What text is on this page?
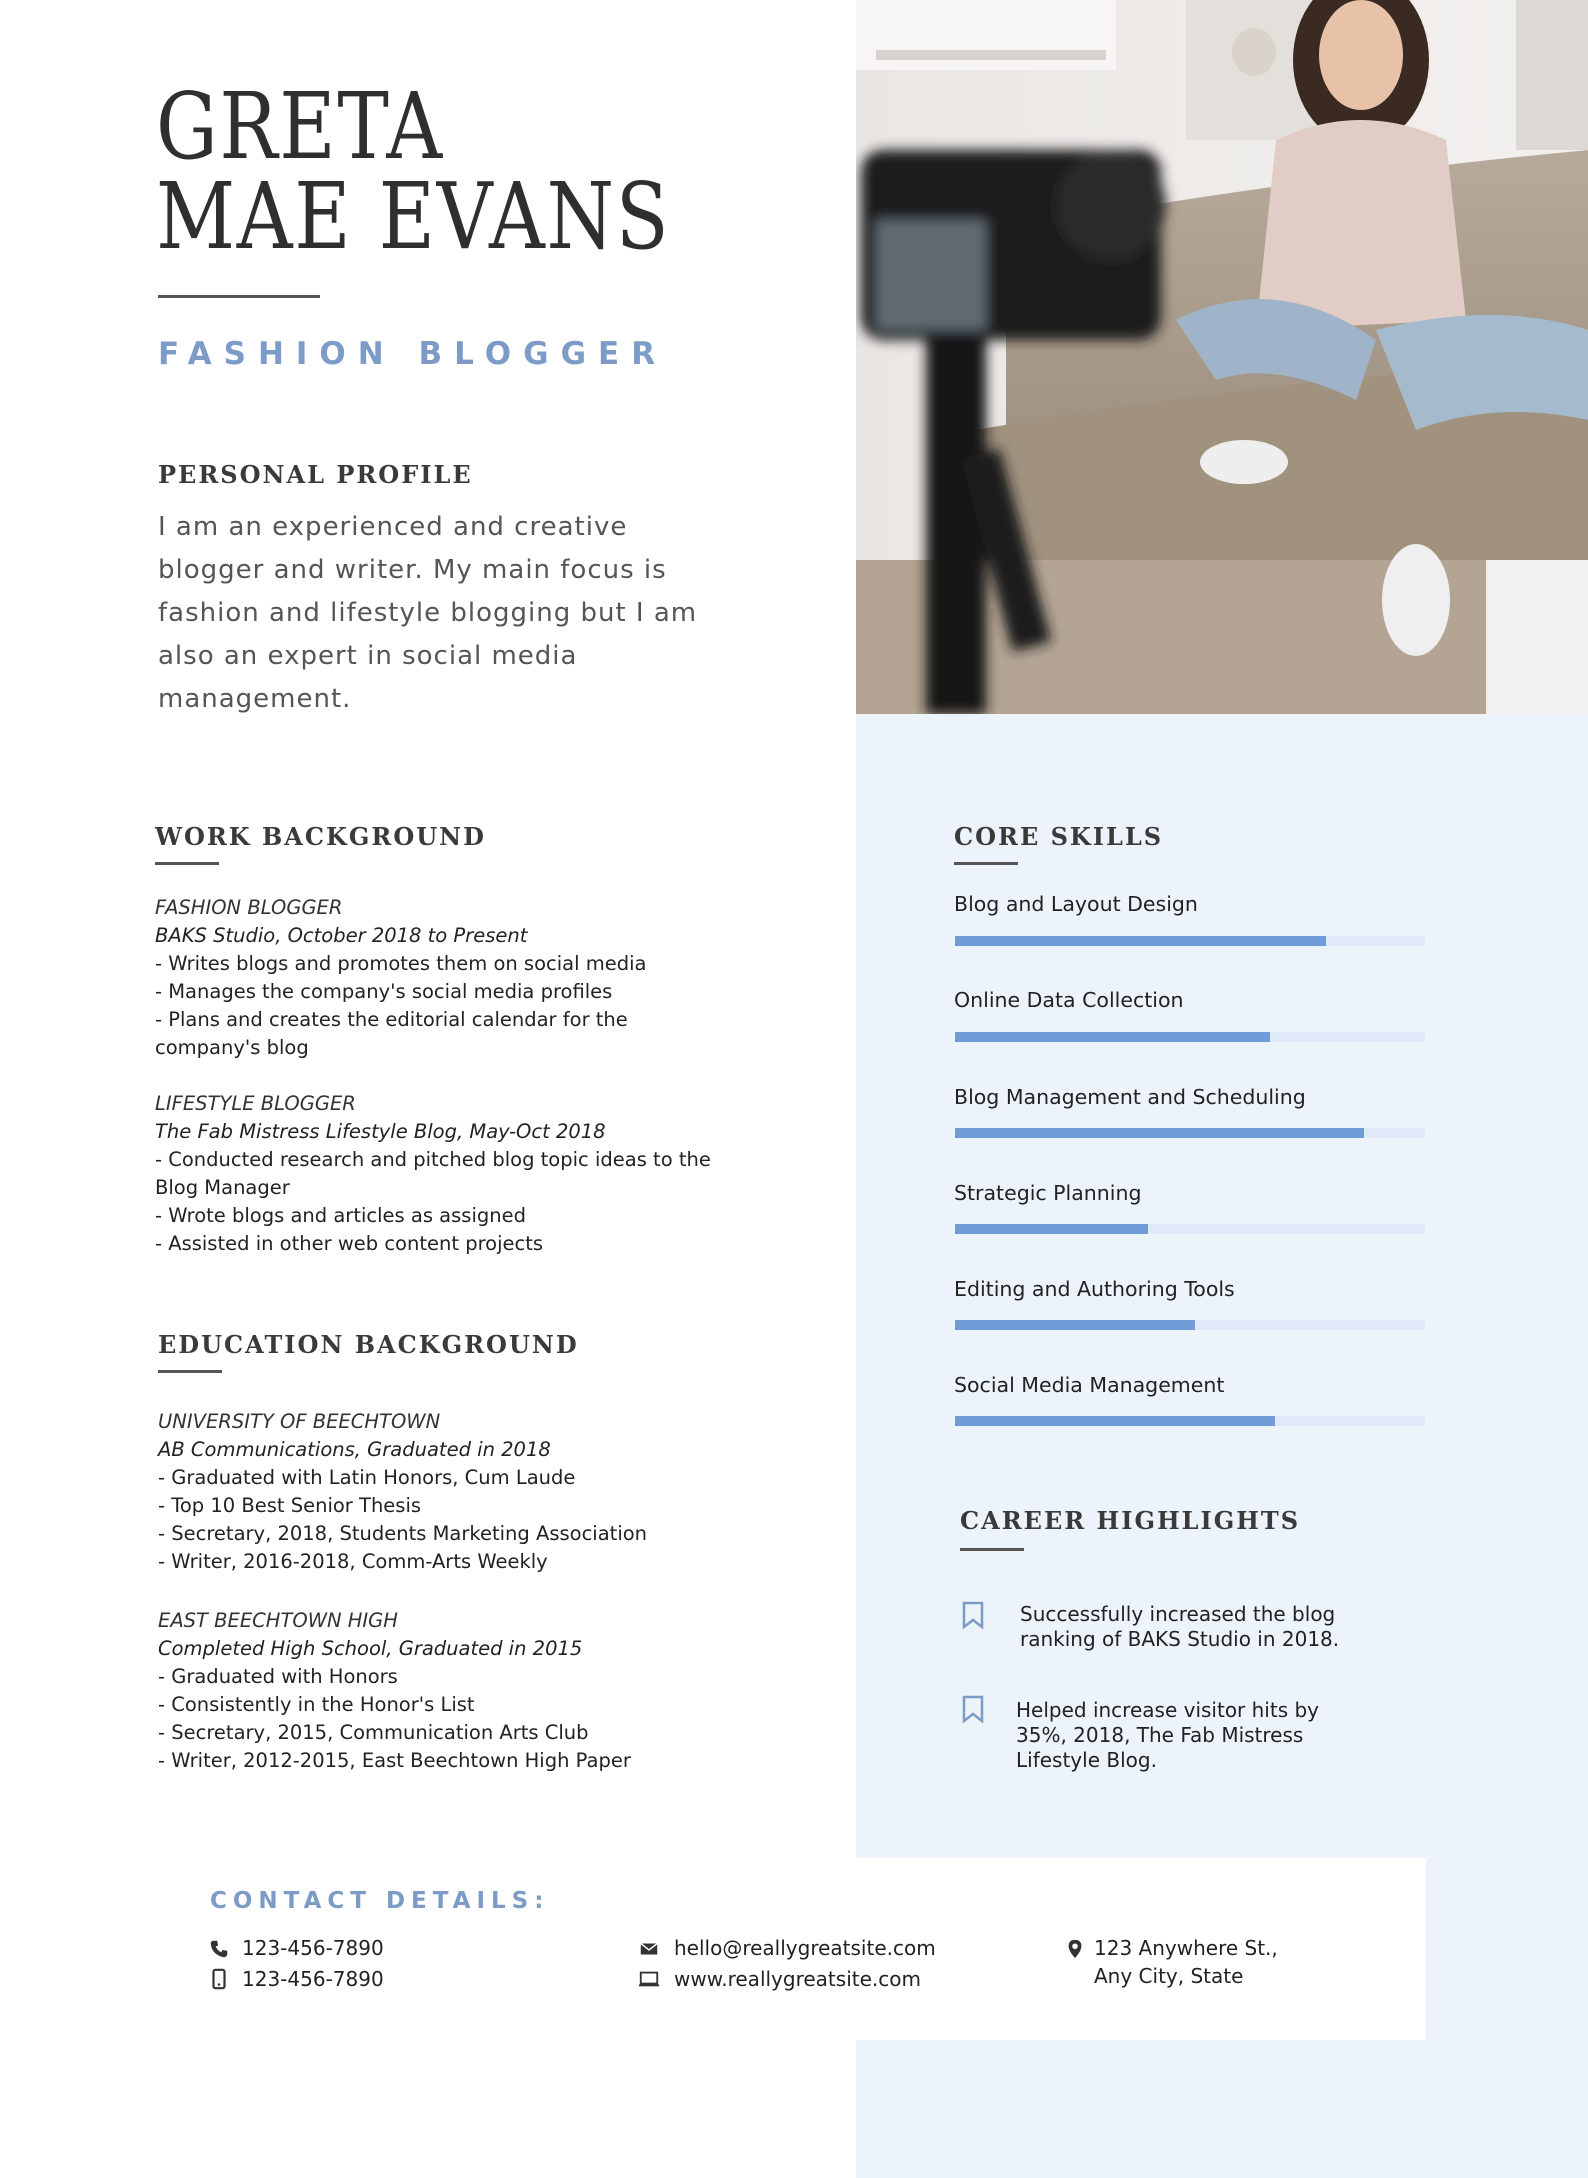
GRETA
MAE EVANS
FASHION BLOGGER
PERSONAL PROFILE
I am an experienced and creative blogger and writer. My main focus is fashion and lifestyle blogging but I am also an expert in social media management.
WORK BACKGROUND
FASHION BLOGGER
BAKS Studio, October 2018 to Present
- Writes blogs and promotes them on social media
- Manages the company's social media profiles
- Plans and creates the editorial calendar for the company's blog
LIFESTYLE BLOGGER
The Fab Mistress Lifestyle Blog, May-Oct 2018
- Conducted research and pitched blog topic ideas to the Blog Manager
- Wrote blogs and articles as assigned
- Assisted in other web content projects
EDUCATION BACKGROUND
UNIVERSITY OF BEECHTOWN
AB Communications, Graduated in 2018
- Graduated with Latin Honors, Cum Laude
- Top 10 Best Senior Thesis
- Secretary, 2018, Students Marketing Association
- Writer, 2016-2018, Comm-Arts Weekly
EAST BEECHTOWN HIGH
Completed High School, Graduated in 2015
- Graduated with Honors
- Consistently in the Honor's List
- Secretary, 2015, Communication Arts Club
- Writer, 2012-2015, East Beechtown High Paper
CORE SKILLS
Blog and Layout Design
Online Data Collection
Blog Management and Scheduling
Strategic Planning
Editing and Authoring Tools
Social Media Management
CAREER HIGHLIGHTS
Successfully increased the blog ranking of BAKS Studio in 2018.
Helped increase visitor hits by 35%, 2018, The Fab Mistress Lifestyle Blog.
CONTACT DETAILS:
123-456-7890
123-456-7890
hello@reallygreatsite.com
www.reallygreatsite.com
123 Anywhere St.,
Any City, State
